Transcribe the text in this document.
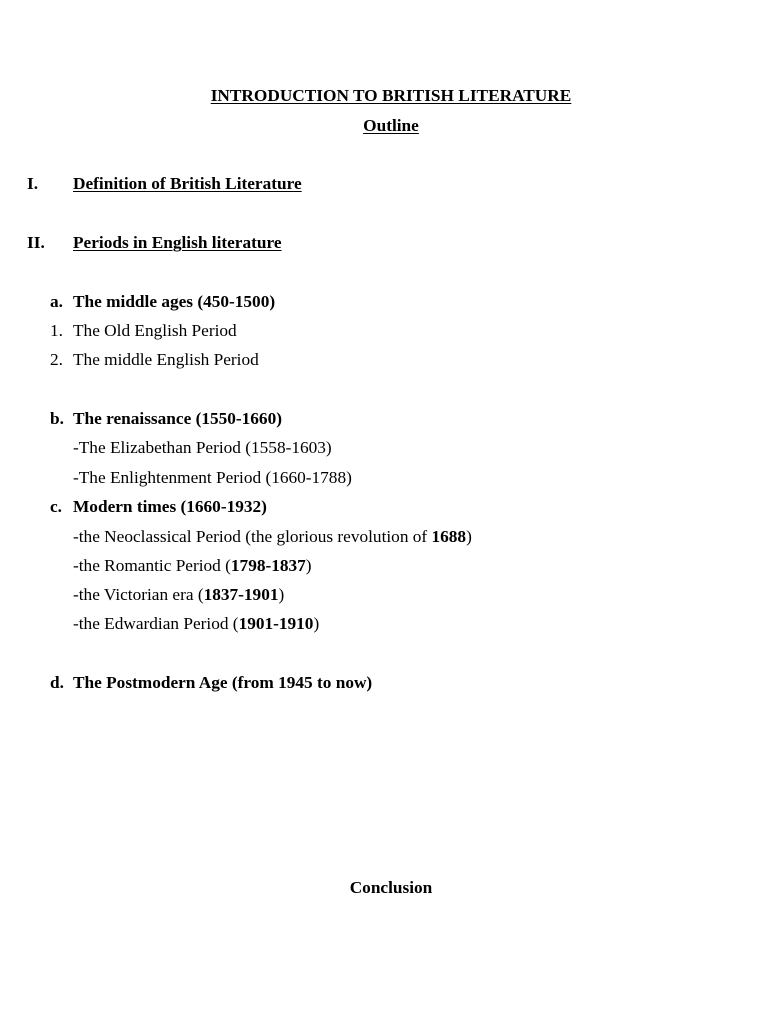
INTRODUCTION TO BRITISH LITERATURE
Outline
I. Definition of British Literature
II. Periods in English literature
a. The middle ages (450-1500)
1. The Old English Period
2. The middle English Period
b. The renaissance (1550-1660)
-The Elizabethan Period (1558-1603)
-The Enlightenment Period (1660-1788)
c. Modern times (1660-1932)
-the Neoclassical Period (the glorious revolution of 1688)
-the Romantic Period (1798-1837)
-the Victorian era (1837-1901)
-the Edwardian Period (1901-1910)
d. The Postmodern Age (from 1945 to now)
Conclusion
